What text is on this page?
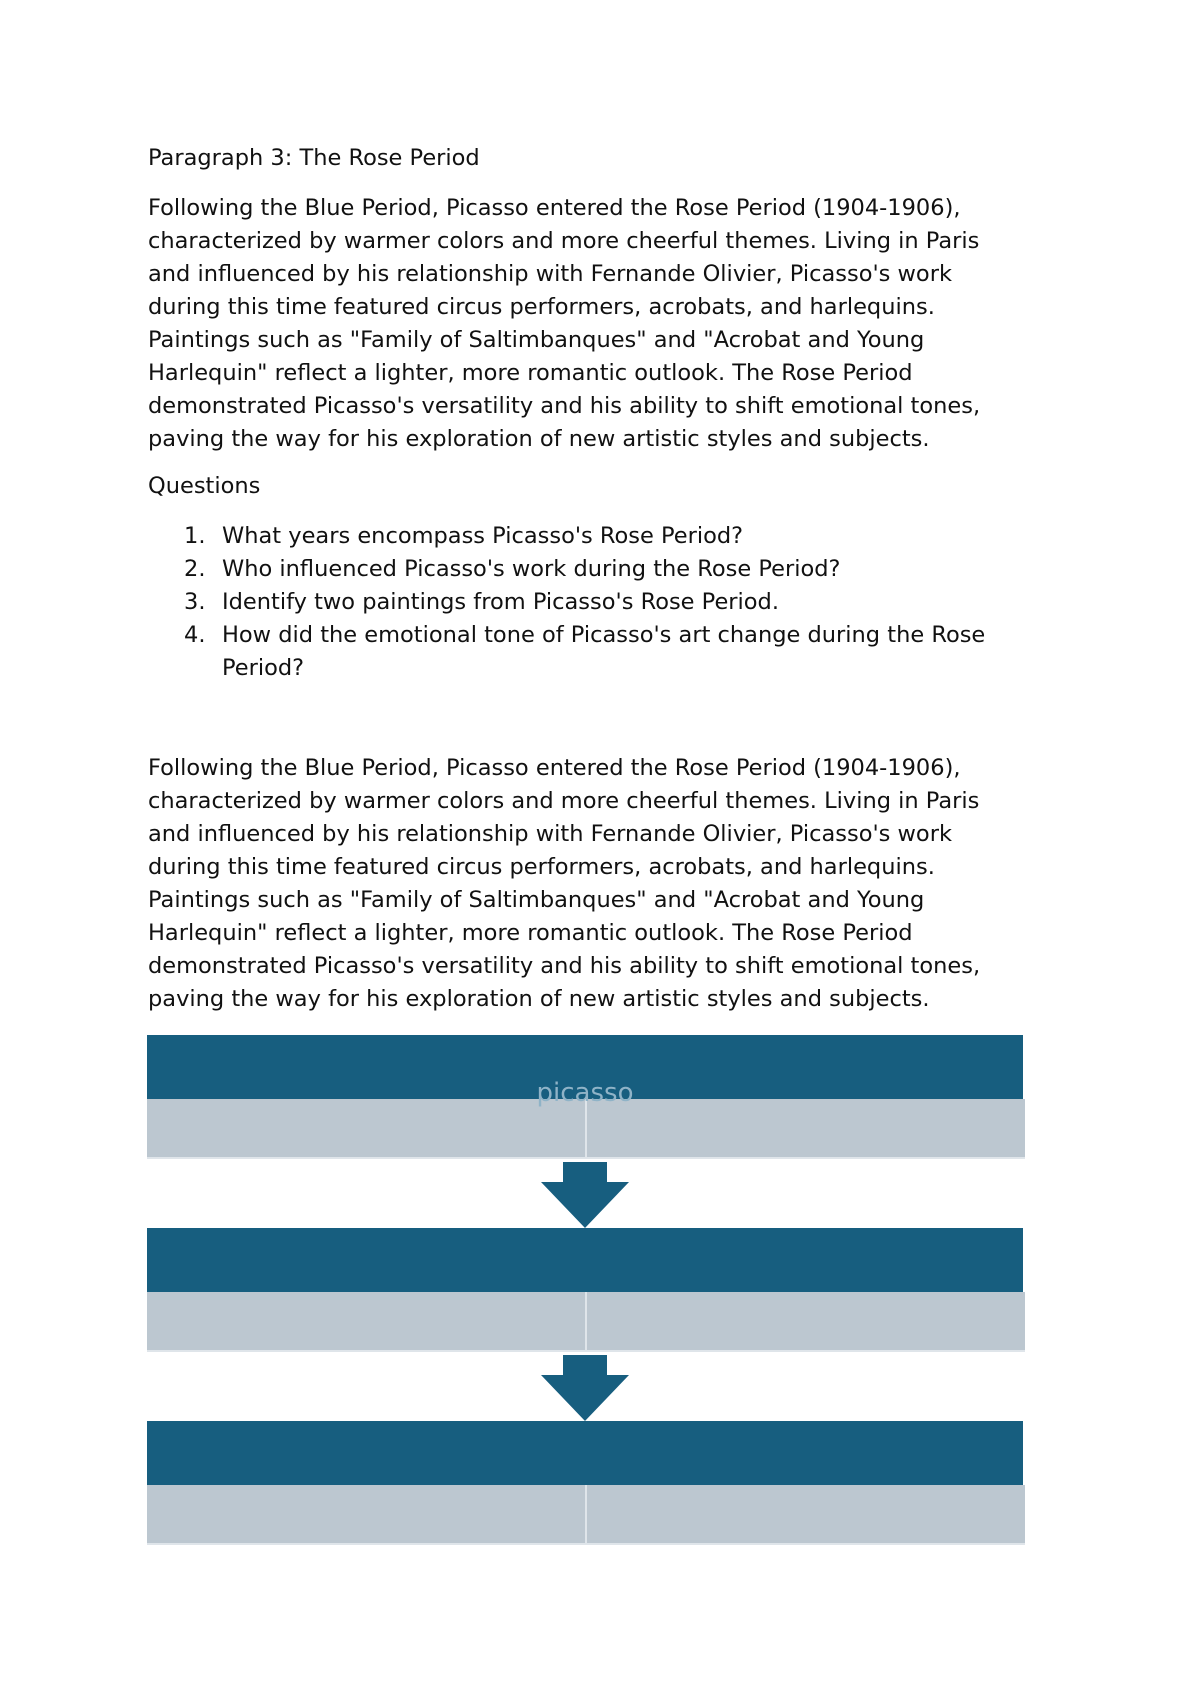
Paragraph 3: The Rose Period

Following the Blue Period, Picasso entered the Rose Period (1904-1906),
characterized by warmer colors and more cheerful themes. Living in Paris
and influenced by his relationship with Fernande Olivier, Picasso's work
during this time featured circus performers, acrobats, and harlequins.
Paintings such as "Family of Saltimbanques" and "Acrobat and Young
Harlequin" reflect a lighter, more romantic outlook. The Rose Period
demonstrated Picasso's versatility and his ability to shift emotional tones,
paving the way for his exploration of new artistic styles and subjects.

Questions

1. What years encompass Picasso's Rose Period?
2. Who influenced Picasso's work during the Rose Period?
3. Identify two paintings from Picasso's Rose Period.
4. How did the emotional tone of Picasso's art change during the Rose
Period?
Following the Blue Period, Picasso entered the Rose Period (1904-1906),
characterized by warmer colors and more cheerful themes. Living in Paris
and influenced by his relationship with Fernande Olivier, Picasso's work
during this time featured circus performers, acrobats, and harlequins.
Paintings such as "Family of Saltimbanques" and "Acrobat and Young
Harlequin" reflect a lighter, more romantic outlook. The Rose Period
demonstrated Picasso's versatility and his ability to shift emotional tones,
paving the way for his exploration of new artistic styles and subjects.
picasso
